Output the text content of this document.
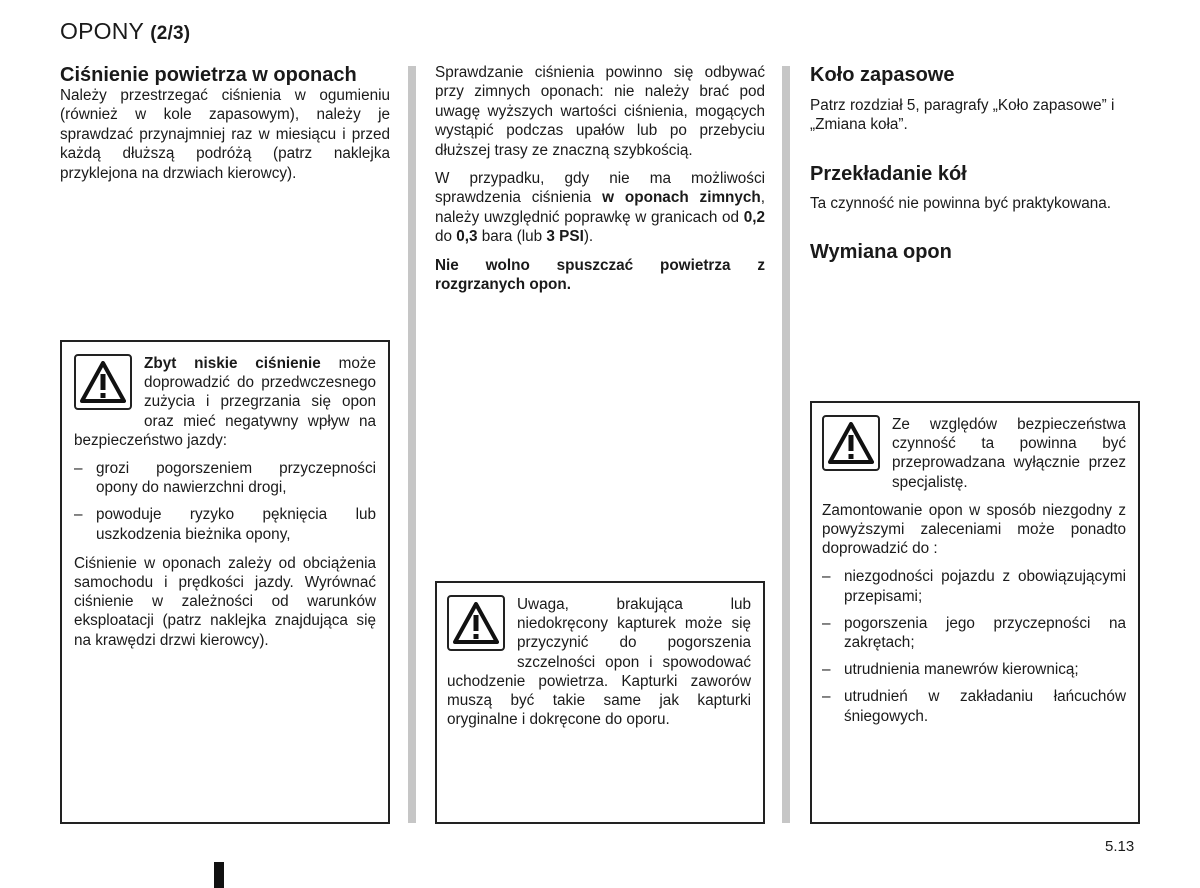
OPONY (2/3)
Ciśnienie powietrza w oponach
Należy przestrzegać ciśnienia w ogumieniu (również w kole zapasowym), należy je sprawdzać przynajmniej raz w miesiącu i przed każdą dłuższą podróżą (patrz naklejka przyklejona na drzwiach kierowcy).
Zbyt niskie ciśnienie może doprowadzić do przedwczesnego zużycia i przegrzania się opon oraz mieć negatywny wpływ na bezpieczeństwo jazdy:
– grozi pogorszeniem przyczepności opony do nawierzchni drogi,
– powoduje ryzyko pęknięcia lub uszkodzenia bieżnika opony,
Ciśnienie w oponach zależy od obciążenia samochodu i prędkości jazdy. Wyrównać ciśnienie w zależności od warunków eksploatacji (patrz naklejka znajdująca się na krawędzi drzwi kierowcy).

Sprawdzanie ciśnienia powinno się odbywać przy zimnych oponach: nie należy brać pod uwagę wyższych wartości ciśnienia, mogących wystąpić podczas upałów lub po przebyciu dłuższej trasy ze znaczną szybkością.

W przypadku, gdy nie ma możliwości sprawdzenia ciśnienia w oponach zimnych, należy uwzględnić poprawkę w granicach od 0,2 do 0,3 bara (lub 3 PSI).

Nie wolno spuszczać powietrza z rozgrzanych opon.

Uwaga, brakująca lub niedokręcony kapturek może się przyczynić do pogorszenia szczelności opon i spowodować uchodzenie powietrza. Kapturki zaworów muszą być takie same jak kapturki oryginalne i dokręcone do oporu.
Koło zapasowe
Patrz rozdział 5, paragrafy „Koło zapasowe” i „Zmiana koła”.
Przekładanie kół
Ta czynność nie powinna być praktykowana.
Wymiana opon
Ze względów bezpieczeństwa czynność ta powinna być przeprowadzana wyłącznie przez specjalistę.
Zamontowanie opon w sposób niezgodny z powyższymi zaleceniami może ponadto doprowadzić do :
– niezgodności pojazdu z obowiązującymi przepisami;
– pogorszenia jego przyczepności na zakrętach;
– utrudnienia manewrów kierownicą;
– utrudnień w zakładaniu łańcuchów śniegowych.
5.13
